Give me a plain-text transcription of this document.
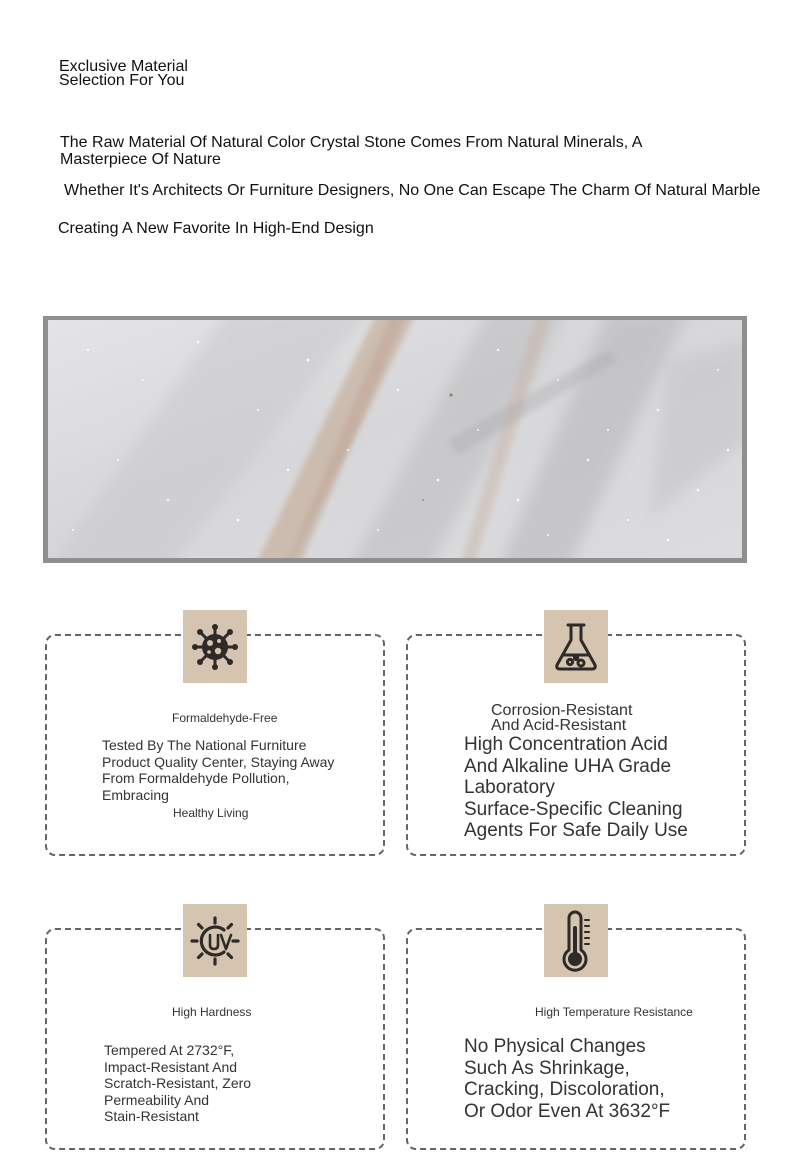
Exclusive Material
Selection For You
The Raw Material Of Natural Color Crystal Stone Comes From Natural Minerals, A
Masterpiece Of Nature
Whether It's Architects Or Furniture Designers, No One Can Escape The Charm Of Natural Marble
Creating A New Favorite In High-End Design
Formaldehyde-Free
Tested By The National Furniture
Product Quality Center, Staying Away
From Formaldehyde Pollution,
Embracing
Healthy Living
Corrosion-Resistant
And Acid-Resistant
High Concentration Acid
And Alkaline UHA Grade
Laboratory
Surface-Specific Cleaning
Agents For Safe Daily Use
High Hardness
Tempered At 2732°F,
Impact-Resistant And
Scratch-Resistant, Zero
Permeability And
Stain-Resistant
High Temperature Resistance
No Physical Changes
Such As Shrinkage,
Cracking, Discoloration,
Or Odor Even At 3632°F
